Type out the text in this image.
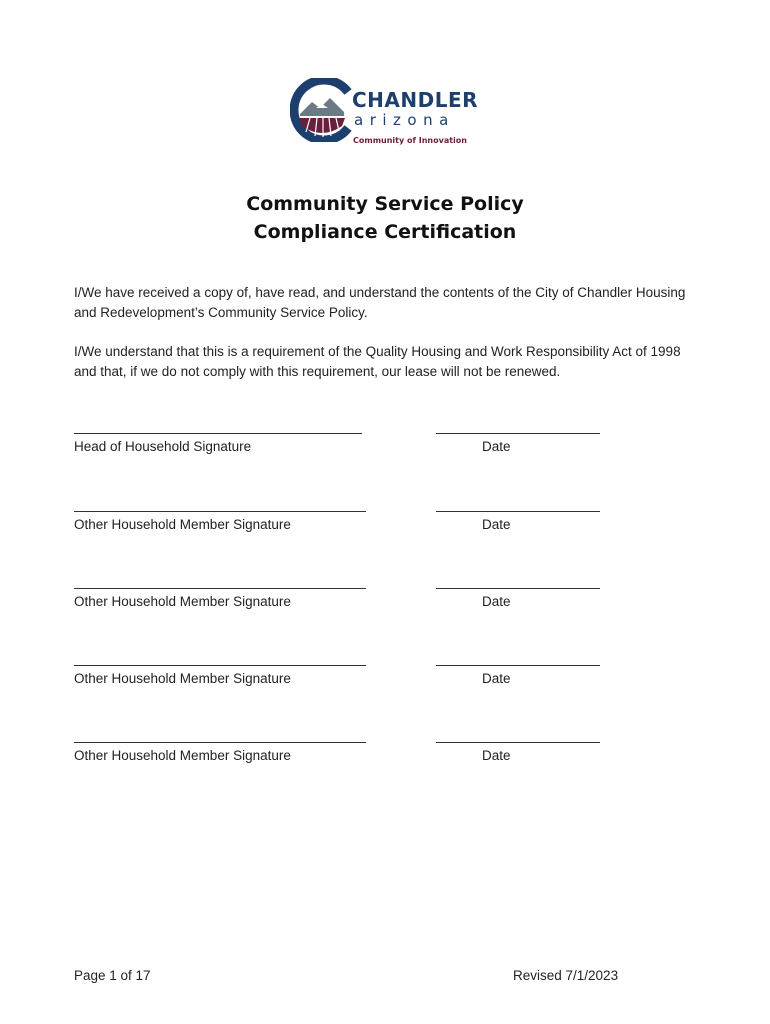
CHANDLER
arizona
Community of Innovation
Community Service Policy
Compliance Certification
I/We have received a copy of, have read, and understand the contents of the City of Chandler Housing and Redevelopment’s Community Service Policy.
I/We understand that this is a requirement of the Quality Housing and Work Responsibility Act of 1998 and that, if we do not comply with this requirement, our lease will not be renewed.
Head of Household Signature	Date
Other Household Member Signature	Date
Other Household Member Signature	Date
Other Household Member Signature	Date
Other Household Member Signature	Date
Page 1 of 17	Revised 7/1/2023
